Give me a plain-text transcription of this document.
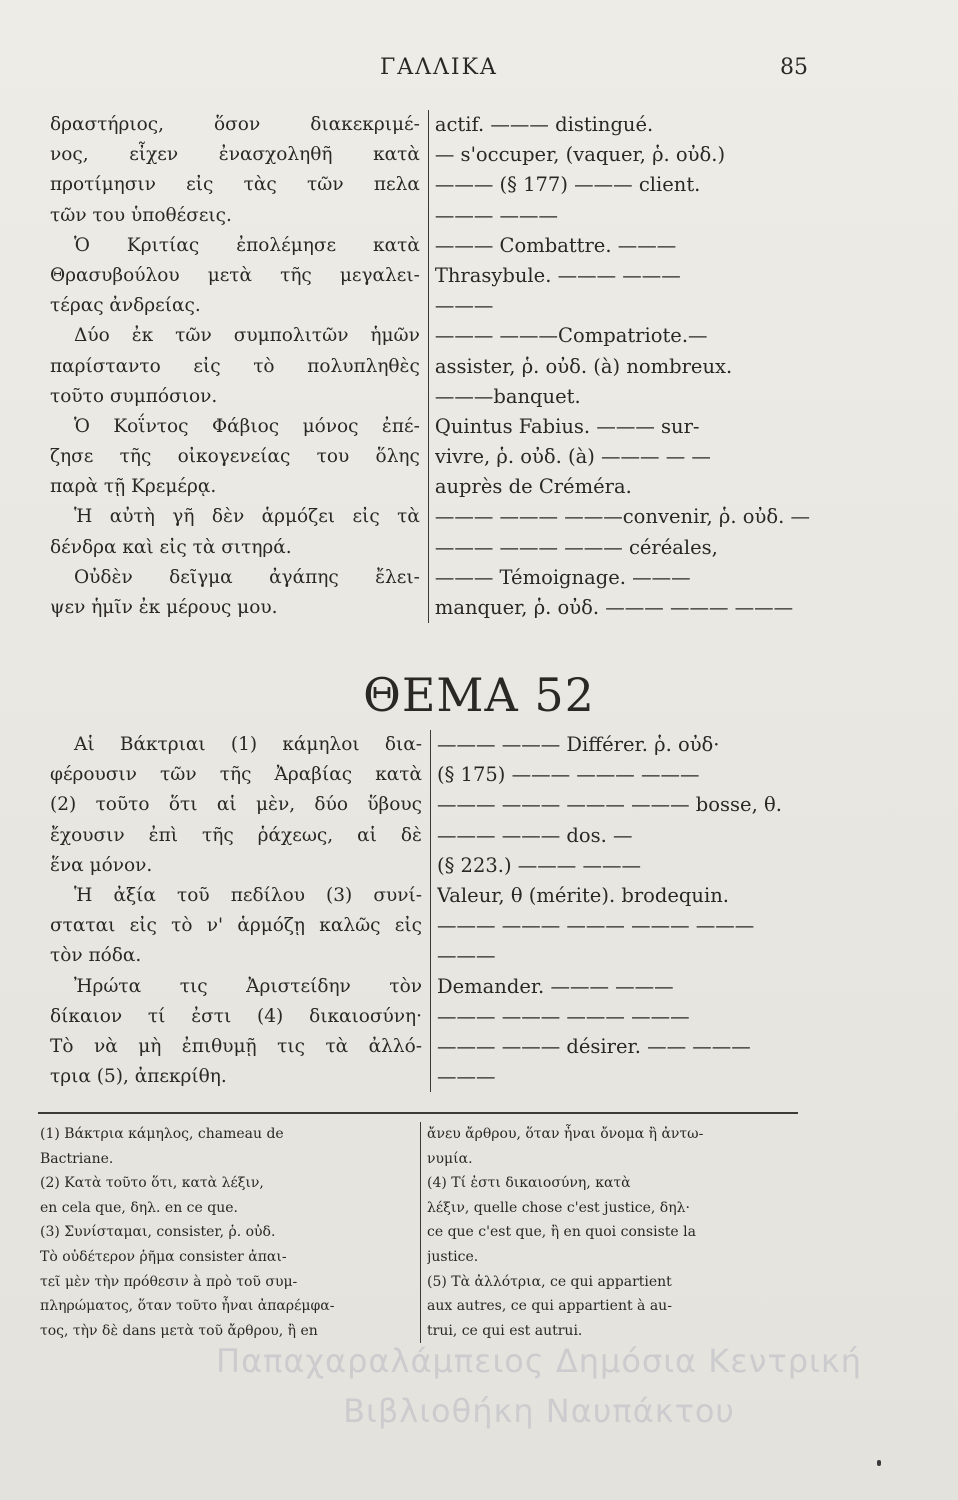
ΓΑΛΛΙΚΑ	85
δραστήριος, ὅσον διακεκριμέ-
νος, εἶχεν ἐνασχοληθῆ κατὰ
προτίμησιν εἰς τὰς τῶν πελα
τῶν του ὑποθέσεις.
Ὁ Κριτίας ἐπολέμησε κατὰ
Θρασυβούλου μετὰ τῆς μεγαλει-
τέρας ἀνδρείας.
Δύο ἐκ τῶν συμπολιτῶν ἡμῶν
παρίσταντο εἰς τὸ πολυπληθὲς
τοῦτο συμπόσιον.
Ὁ Κοΐντος Φάβιος μόνος ἐπέ-
ζησε τῆς οἰκογενείας του ὅλης
παρὰ τῇ Κρεμέρᾳ.
Ἡ αὐτὴ γῆ δὲν ἁρμόζει εἰς τὰ
δένδρα καὶ εἰς τὰ σιτηρά.
Οὐδὲν δεῖγμα ἀγάπης ἔλει-
ψεν ἡμῖν ἐκ μέρους μου.
actif. ——— distingué.
— s'occuper, (vaquer, ῥ. οὐδ.)
——— (§ 177) ——— client.
——— ———
——— Combattre. ———
Thrasybule. ——— ———
———
——— ———Compatriote.—
assister, ῥ. οὐδ. (à) nombreux.
———banquet.
Quintus Fabius. ——— sur-
vivre, ῥ. οὐδ. (à) ——— — —
auprès de Créméra.
——— ——— ———convenir, ῥ. οὐδ. —
——— ——— ——— céréales,
——— Témoignage. ———
manquer, ῥ. οὐδ. ——— ——— ———
ΘΕΜΑ 52
Αἱ Βάκτριαι (1) κάμηλοι δια-
φέρουσιν τῶν τῆς Ἀραβίας κατὰ
(2) τοῦτο ὅτι αἱ μὲν, δύο ὕβους
ἔχουσιν ἐπὶ τῆς ῥάχεως, αἱ δὲ
ἕνα μόνον.
Ἡ ἀξία τοῦ πεδίλου (3) συνί-
σταται εἰς τὸ ν' ἁρμόζῃ καλῶς εἰς
τὸν πόδα.
Ἠρώτα τις Ἀριστείδην τὸν
δίκαιον τί ἐστι (4) δικαιοσύνη·
Τὸ νὰ μὴ ἐπιθυμῇ τις τὰ ἀλλό-
τρια (5), ἀπεκρίθη.
——— ——— Différer. ῥ. οὐδ·
(§ 175) ——— ——— ———
——— ——— ——— ——— bosse, θ.
——— ——— dos. —
(§ 223.) ——— ———
Valeur, θ (mérite). brodequin.
——— ——— ——— ——— ———
———
Demander. ——— ———
——— ——— ——— ———
——— ——— désirer. —— ———
———
(1) Βάκτρια κάμηλος, chameau de
Bactriane.
(2) Κατὰ τοῦτο ὅτι, κατὰ λέξιν,
en cela que, δηλ. en ce que.
(3) Συνίσταμαι, consister, ῥ. οὐδ.
Τὸ οὐδέτερον ῥῆμα consister ἀπαι-
τεῖ μὲν τὴν πρόθεσιν à πρὸ τοῦ συμ-
πληρώματος, ὅταν τοῦτο ἦναι ἀπαρέμφα-
τος, τὴν δὲ dans μετὰ τοῦ ἄρθρου, ἢ en
ἄνευ ἄρθρου, ὅταν ἦναι ὄνομα ἢ ἀντω-
νυμία.
(4) Τί ἐστι δικαιοσύνη, κατὰ
λέξιν, quelle chose c'est justice, δηλ·
ce que c'est que, ἢ en quoi consiste la
justice.
(5) Τὰ ἀλλότρια, ce qui appartient
aux autres, ce qui appartient à au-
trui, ce qui est autrui.
Παπαχαραλάμπειος Δημόσια Κεντρική
Βιβλιοθήκη Ναυπάκτου
